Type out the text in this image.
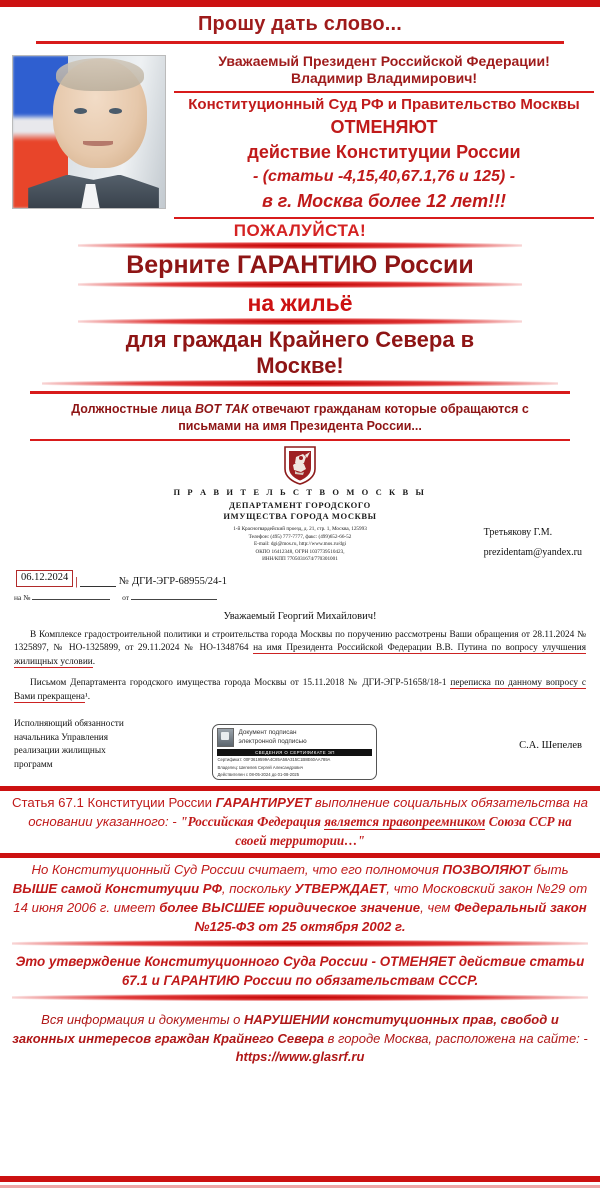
Прошу дать слово...
Уважаемый Президент Российской Федерации!
Владимир Владимирович!
Конституционный Суд РФ и Правительство Москвы
ОТМЕНЯЮТ
действие Конституции России
- (статьи -4,15,40,67.1,76 и 125) -
в г. Москва более 12 лет!!!
ПОЖАЛУЙСТА!
Верните ГАРАНТИЮ России
на жильё
для граждан Крайнего Севера в
Москве!
Должностные лица ВОТ ТАК отвечают гражданам которые обращаются с
письмами на имя Президента России...
П Р А В И Т Е Л Ь С Т В О М О С К В Ы
ДЕПАРТАМЕНТ ГОРОДСКОГО
ИМУЩЕСТВА ГОРОДА МОСКВЫ
1-й Красногвардейский проезд, д. 21, стр. 1, Москва, 125993
Телефон: (495) 777-7777, факс: (499)652-66-52
E-mail: dgi@mos.ru, http://www.mos.ru/dgi
ОКПО 16412348, ОГРН 1037739510423,
ИНН/КПП 7705031674/770301001
Третьякову Г.М.
prezidentam@yandex.ru
06.12.2024 |	№ ДГИ-ЭГР-68955/24-1
на №	от
Уважаемый Георгий Михайлович!

В Комплексе градостроительной политики и строительства города Москвы по поручению рассмотрены Ваши обращения от 28.11.2024 № 1325897, № НО-1325899, от 29.11.2024 № НО-1348764 на имя Президента Российской Федерации В.В. Путина по вопросу улучшения жилищных условии.

Письмом Департамента городского имущества города Москвы от 15.11.2018 № ДГИ-ЭГР-51658/18-1 переписка по данному вопросу с Вами прекращена¹.

Исполняющий обязанности
начальника Управления
реализации жилищных
программ
Документ подписан
электронной подписью
СВЕДЕНИЯ О СЕРТИФИКАТЕ ЭП
Сертификат: 00F3619599А4С85А58А315С1B8E60AA789A
Владелец: Шепелев Сергей Александрович
Действителен с 08-05-2024 до 01-08-2025
С.А. Шепелев
Статья 67.1 Конституции России ГАРАНТИРУЕТ выполнение социальных обязательства на основании указанного: - "Российская Федерация является правопреемником Союза ССР на своей территории…"
Но Конституционный Суд России считает, что его полномочия ПОЗВОЛЯЮТ быть ВЫШЕ самой Конституции РФ, поскольку УТВЕРЖДАЕТ, что Московский закон №29 от 14 июня 2006 г. имеет более ВЫСШЕЕ юридическое значение, чем Федеральный закон №125-ФЗ от 25 октября 2002 г.
Это утверждение Конституционного Суда России - ОТМЕНЯЕТ действие статьи 67.1 и ГАРАНТИЮ России по обязательствам СССР.
Вся информация и документы о НАРУШЕНИИ конституционных прав, свобод и законных интересов граждан Крайнего Севера в городе Москва, расположена на сайте: - https://www.glasrf.ru
